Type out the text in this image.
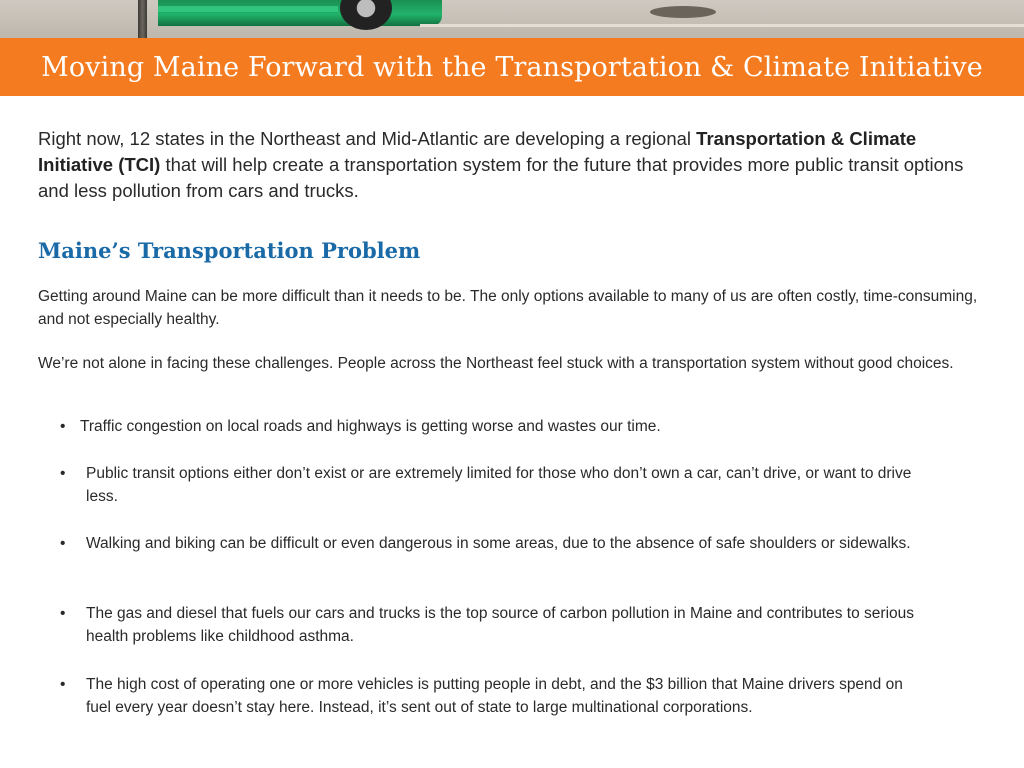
Moving Maine Forward with the Transportation & Climate Initiative

Right now, 12 states in the Northeast and Mid-Atlantic are developing a regional Transportation & Climate Initiative (TCI) that will help create a transportation system for the future that provides more public transit options and less pollution from cars and trucks.

Maine’s Transportation Problem

Getting around Maine can be more difficult than it needs to be. The only options available to many of us are often costly, time-consuming, and not especially healthy.

We’re not alone in facing these challenges. People across the Northeast feel stuck with a transportation system without good choices.

• Traffic congestion on local roads and highways is getting worse and wastes our time.
• Public transit options either don’t exist or are extremely limited for those who don’t own a car, can’t drive, or want to drive less.
• Walking and biking can be difficult or even dangerous in some areas, due to the absence of safe shoulders or sidewalks.
• The gas and diesel that fuels our cars and trucks is the top source of carbon pollution in Maine and contributes to serious health problems like childhood asthma.
• The high cost of operating one or more vehicles is putting people in debt, and the $3 billion that Maine drivers spend on fuel every year doesn’t stay here. Instead, it’s sent out of state to large multinational corporations.
